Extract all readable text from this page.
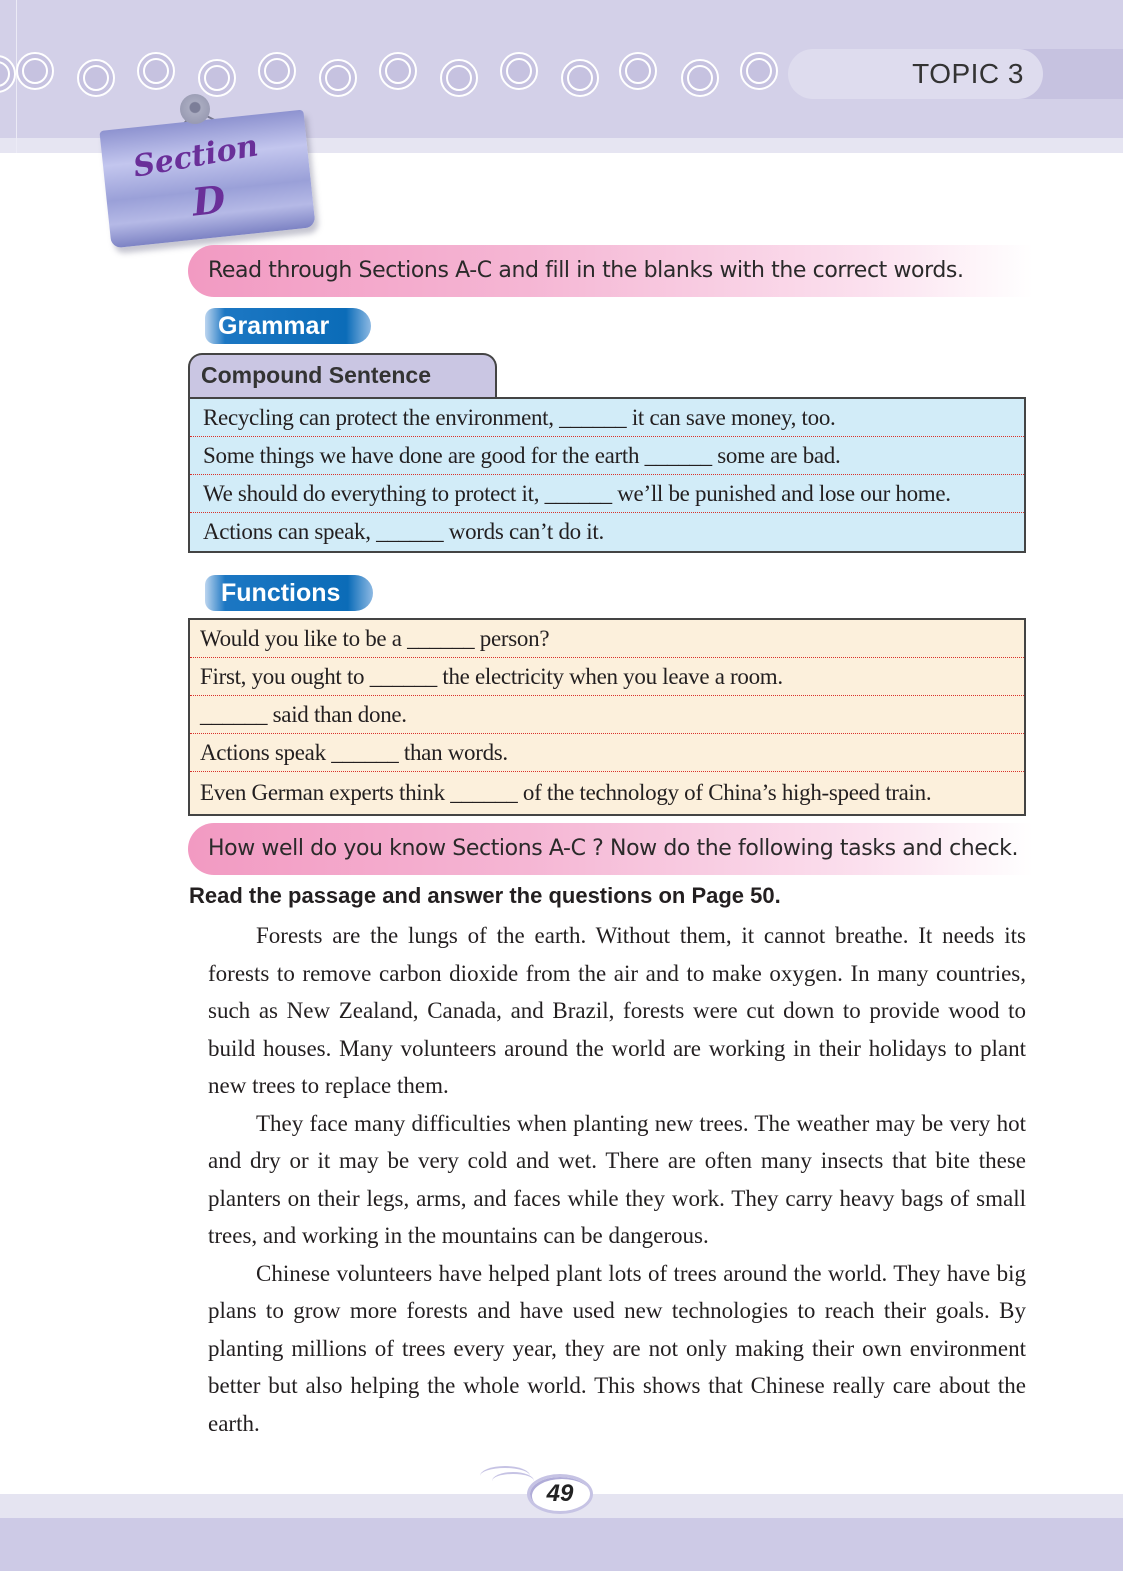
TOPIC 3
Section
D
Read through Sections A-C and fill in the blanks with the correct words.
Grammar
Compound Sentence
Recycling can protect the environment, ______ it can save money, too.
Some things we have done are good for the earth ______ some are bad.
We should do everything to protect it, ______ we’ll be punished and lose our home.
Actions can speak, ______ words can’t do it.
Functions
Would you like to be a ______ person?
First, you ought to ______ the electricity when you leave a room.
______ said than done.
Actions speak ______ than words.
Even German experts think ______ of the technology of China’s high-speed train.
How well do you know Sections A-C ? Now do the following tasks and check.
Read the passage and answer the questions on Page 50.

Forests are the lungs of the earth. Without them, it cannot breathe. It needs its forests to remove carbon dioxide from the air and to make oxygen. In many countries, such as New Zealand, Canada, and Brazil, forests were cut down to provide wood to build houses. Many volunteers around the world are working in their holidays to plant new trees to replace them.

They face many difficulties when planting new trees. The weather may be very hot and dry or it may be very cold and wet. There are often many insects that bite these planters on their legs, arms, and faces while they work. They carry heavy bags of small trees, and working in the mountains can be dangerous.

Chinese volunteers have helped plant lots of trees around the world. They have big plans to grow more forests and have used new technologies to reach their goals. By planting millions of trees every year, they are not only making their own environment better but also helping the whole world. This shows that Chinese really care about the earth.

49
